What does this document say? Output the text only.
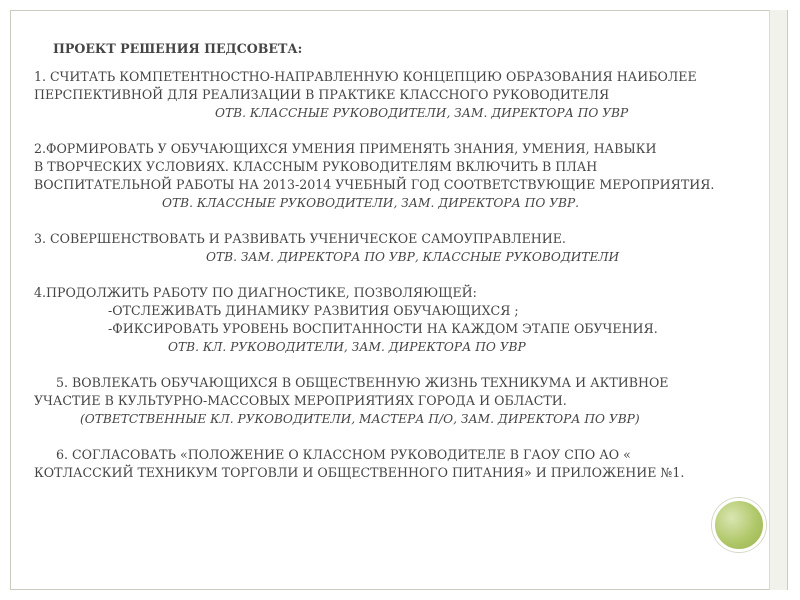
ПРОЕКТ РЕШЕНИЯ ПЕДСОВЕТА:

1. СЧИТАТЬ КОМПЕТЕНТНОСТНО-НАПРАВЛЕННУЮ КОНЦЕПЦИЮ ОБРАЗОВАНИЯ НАИБОЛЕЕ

ПЕРСПЕКТИВНОЙ ДЛЯ РЕАЛИЗАЦИИ В ПРАКТИКЕ КЛАССНОГО РУКОВОДИТЕЛЯ

ОТВ. КЛАССНЫЕ РУКОВОДИТЕЛИ, ЗАМ. ДИРЕКТОРА ПО УВР

2.ФОРМИРОВАТЬ У ОБУЧАЮЩИХСЯ УМЕНИЯ ПРИМЕНЯТЬ ЗНАНИЯ, УМЕНИЯ, НАВЫКИ

В ТВОРЧЕСКИХ УСЛОВИЯХ. КЛАССНЫМ РУКОВОДИТЕЛЯМ ВКЛЮЧИТЬ В ПЛАН

ВОСПИТАТЕЛЬНОЙ РАБОТЫ НА 2013-2014 УЧЕБНЫЙ ГОД СООТВЕТСТВУЮЩИЕ МЕРОПРИЯТИЯ.

ОТВ. КЛАССНЫЕ РУКОВОДИТЕЛИ, ЗАМ. ДИРЕКТОРА ПО УВР.

3. СОВЕРШЕНСТВОВАТЬ И РАЗВИВАТЬ УЧЕНИЧЕСКОЕ САМОУПРАВЛЕНИЕ.

ОТВ. ЗАМ. ДИРЕКТОРА ПО УВР, КЛАССНЫЕ РУКОВОДИТЕЛИ

4.ПРОДОЛЖИТЬ РАБОТУ ПО ДИАГНОСТИКЕ, ПОЗВОЛЯЮЩЕЙ:

-ОТСЛЕЖИВАТЬ ДИНАМИКУ РАЗВИТИЯ ОБУЧАЮЩИХСЯ ;

-ФИКСИРОВАТЬ УРОВЕНЬ ВОСПИТАННОСТИ НА КАЖДОМ ЭТАПЕ ОБУЧЕНИЯ.

ОТВ. КЛ. РУКОВОДИТЕЛИ, ЗАМ. ДИРЕКТОРА ПО УВР

5. ВОВЛЕКАТЬ ОБУЧАЮЩИХСЯ В ОБЩЕСТВЕННУЮ ЖИЗНЬ ТЕХНИКУМА И АКТИВНОЕ

УЧАСТИЕ В КУЛЬТУРНО-МАССОВЫХ МЕРОПРИЯТИЯХ ГОРОДА И ОБЛАСТИ.

(ОТВЕТСТВЕННЫЕ КЛ. РУКОВОДИТЕЛИ, МАСТЕРА П/О, ЗАМ. ДИРЕКТОРА ПО УВР)

6. СОГЛАСОВАТЬ «ПОЛОЖЕНИЕ О КЛАССНОМ РУКОВОДИТЕЛЕ В ГАОУ СПО АО «

КОТЛАССКИЙ ТЕХНИКУМ ТОРГОВЛИ И ОБЩЕСТВЕННОГО ПИТАНИЯ» И ПРИЛОЖЕНИЕ №1.
